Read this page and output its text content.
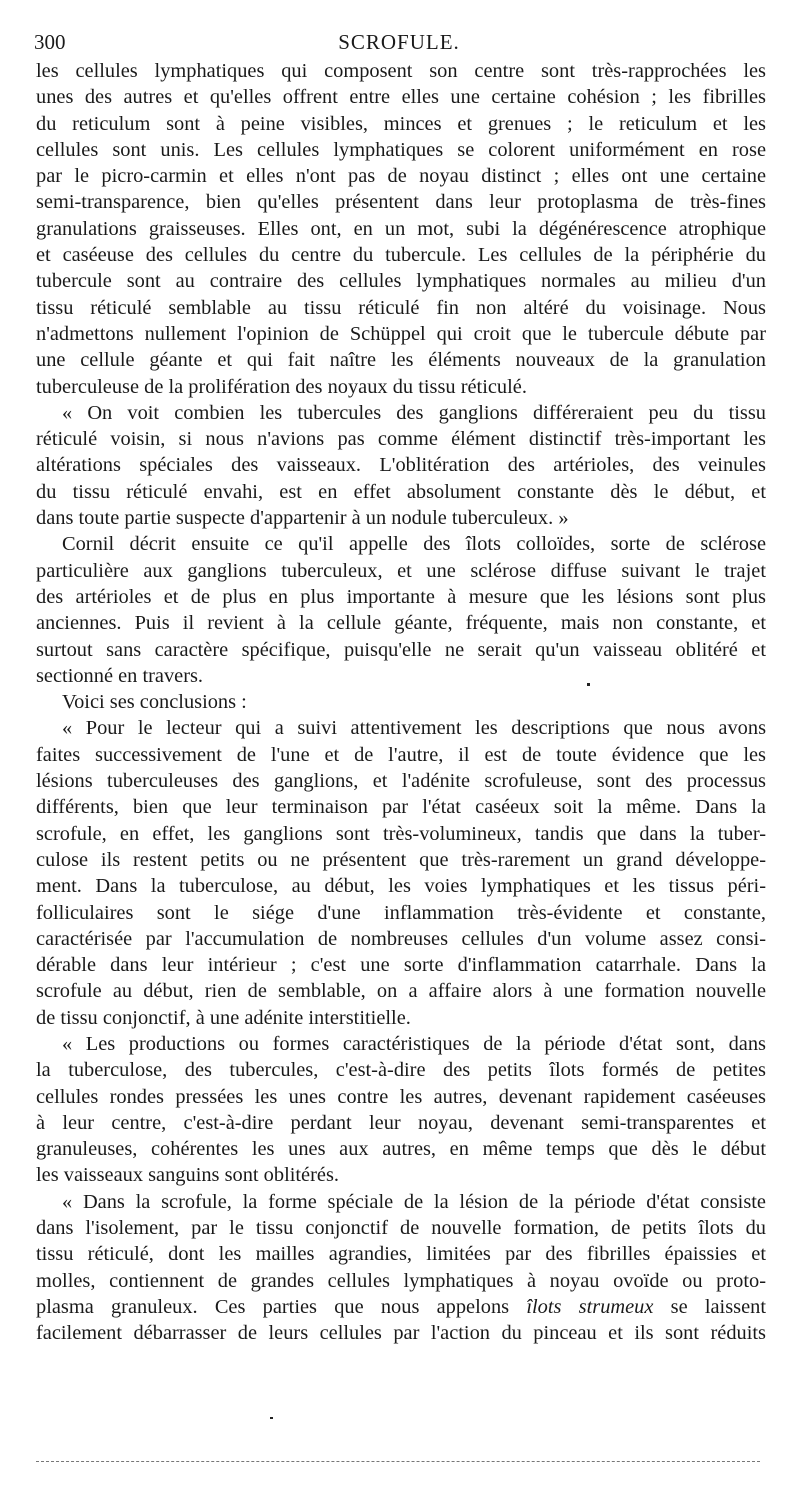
300	SCROFULE.
les cellules lymphatiques qui composent son centre sont très-rapprochées les
unes des autres et qu'elles offrent entre elles une certaine cohésion ; les fibrilles
du reticulum sont à peine visibles, minces et grenues ; le reticulum et les
cellules sont unis. Les cellules lymphatiques se colorent uniformément en rose
par le picro-carmin et elles n'ont pas de noyau distinct ; elles ont une certaine
semi-transparence, bien qu'elles présentent dans leur protoplasma de très-fines
granulations graisseuses. Elles ont, en un mot, subi la dégénérescence atrophique
et caséeuse des cellules du centre du tubercule. Les cellules de la périphérie du
tubercule sont au contraire des cellules lymphatiques normales au milieu d'un
tissu réticulé semblable au tissu réticulé fin non altéré du voisinage. Nous
n'admettons nullement l'opinion de Schüppel qui croit que le tubercule débute par
une cellule géante et qui fait naître les éléments nouveaux de la granulation
tuberculeuse de la prolifération des noyaux du tissu réticulé.
« On voit combien les tubercules des ganglions différeraient peu du tissu
réticulé voisin, si nous n'avions pas comme élément distinctif très-important les
altérations spéciales des vaisseaux. L'oblitération des artérioles, des veinules
du tissu réticulé envahi, est en effet absolument constante dès le début, et
dans toute partie suspecte d'appartenir à un nodule tuberculeux. »
Cornil décrit ensuite ce qu'il appelle des îlots colloïdes, sorte de sclérose
particulière aux ganglions tuberculeux, et une sclérose diffuse suivant le trajet
des artérioles et de plus en plus importante à mesure que les lésions sont plus
anciennes. Puis il revient à la cellule géante, fréquente, mais non constante, et
surtout sans caractère spécifique, puisqu'elle ne serait qu'un vaisseau oblitéré et
sectionné en travers.
Voici ses conclusions :
« Pour le lecteur qui a suivi attentivement les descriptions que nous avons
faites successivement de l'une et de l'autre, il est de toute évidence que les
lésions tuberculeuses des ganglions, et l'adénite scrofuleuse, sont des processus
différents, bien que leur terminaison par l'état caséeux soit la même. Dans la
scrofule, en effet, les ganglions sont très-volumineux, tandis que dans la tuber-
culose ils restent petits ou ne présentent que très-rarement un grand développe-
ment. Dans la tuberculose, au début, les voies lymphatiques et les tissus péri-
folliculaires sont le siége d'une inflammation très-évidente et constante,
caractérisée par l'accumulation de nombreuses cellules d'un volume assez consi-
dérable dans leur intérieur ; c'est une sorte d'inflammation catarrhale. Dans la
scrofule au début, rien de semblable, on a affaire alors à une formation nouvelle
de tissu conjonctif, à une adénite interstitielle.
« Les productions ou formes caractéristiques de la période d'état sont, dans
la tuberculose, des tubercules, c'est-à-dire des petits îlots formés de petites
cellules rondes pressées les unes contre les autres, devenant rapidement caséeuses
à leur centre, c'est-à-dire perdant leur noyau, devenant semi-transparentes et
granuleuses, cohérentes les unes aux autres, en même temps que dès le début
les vaisseaux sanguins sont oblitérés.
« Dans la scrofule, la forme spéciale de la lésion de la période d'état consiste
dans l'isolement, par le tissu conjonctif de nouvelle formation, de petits îlots du
tissu réticulé, dont les mailles agrandies, limitées par des fibrilles épaissies et
molles, contiennent de grandes cellules lymphatiques à noyau ovoïde ou proto-
plasma granuleux. Ces parties que nous appelons îlots strumeux se laissent
facilement débarrasser de leurs cellules par l'action du pinceau et ils sont réduits
